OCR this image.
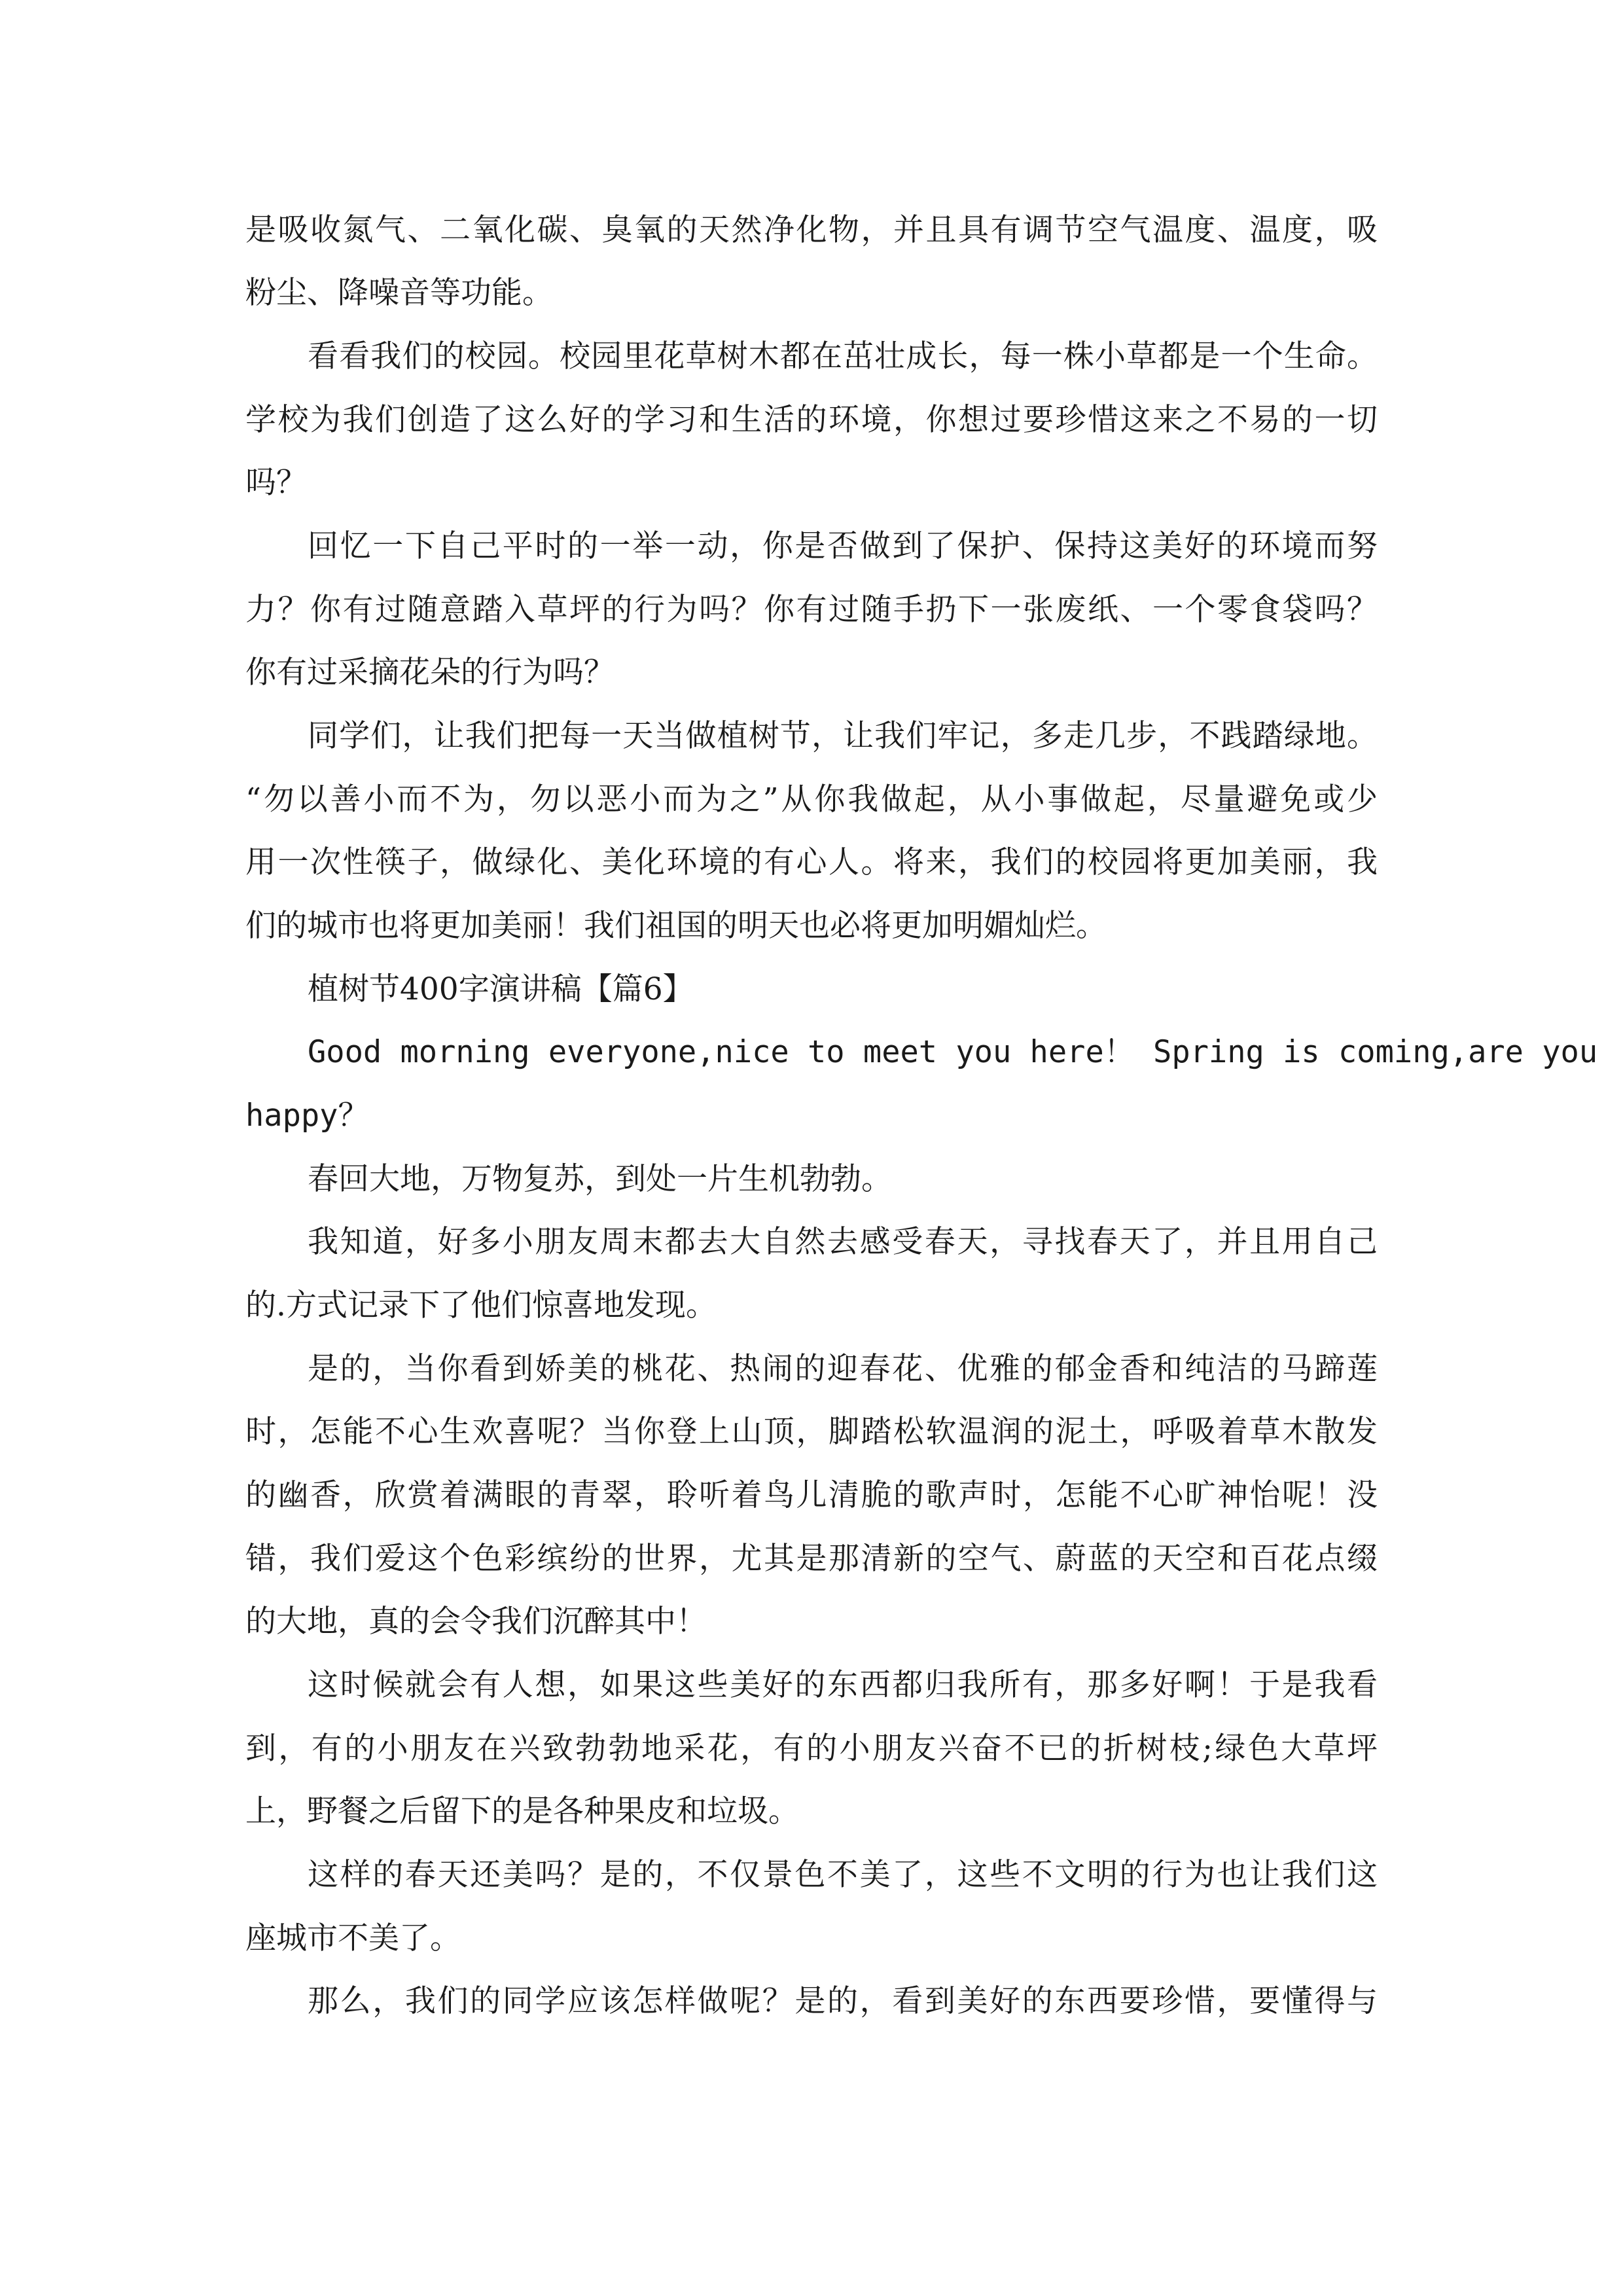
是吸收氮气、二氧化碳、臭氧的天然净化物，并且具有调节空气温度、温度，吸
粉尘、降噪音等功能。
看看我们的校园。校园里花草树木都在茁壮成长，每一株小草都是一个生命。
学校为我们创造了这么好的学习和生活的环境，你想过要珍惜这来之不易的一切
吗？
回忆一下自己平时的一举一动，你是否做到了保护、保持这美好的环境而努
力？你有过随意踏入草坪的行为吗？你有过随手扔下一张废纸、一个零食袋吗？
你有过采摘花朵的行为吗？
同学们，让我们把每一天当做植树节，让我们牢记，多走几步，不践踏绿地。
“勿以善小而不为，勿以恶小而为之”从你我做起，从小事做起，尽量避免或少
用一次性筷子，做绿化、美化环境的有心人。将来，我们的校园将更加美丽，我
们的城市也将更加美丽！我们祖国的明天也必将更加明媚灿烂。
植树节400字演讲稿【篇6】
Good morning everyone,nice to meet you here！ Spring is coming,are you
happy？
春回大地，万物复苏，到处一片生机勃勃。
我知道，好多小朋友周末都去大自然去感受春天，寻找春天了，并且用自己
的.方式记录下了他们惊喜地发现。
是的，当你看到娇美的桃花、热闹的迎春花、优雅的郁金香和纯洁的马蹄莲
时，怎能不心生欢喜呢？当你登上山顶，脚踏松软温润的泥土，呼吸着草木散发
的幽香，欣赏着满眼的青翠，聆听着鸟儿清脆的歌声时，怎能不心旷神怡呢！没
错，我们爱这个色彩缤纷的世界，尤其是那清新的空气、蔚蓝的天空和百花点缀
的大地，真的会令我们沉醉其中！
这时候就会有人想，如果这些美好的东西都归我所有，那多好啊！于是我看
到，有的小朋友在兴致勃勃地采花，有的小朋友兴奋不已的折树枝;绿色大草坪
上，野餐之后留下的是各种果皮和垃圾。
这样的春天还美吗？是的，不仅景色不美了，这些不文明的行为也让我们这
座城市不美了。
那么，我们的同学应该怎样做呢？是的，看到美好的东西要珍惜，要懂得与
